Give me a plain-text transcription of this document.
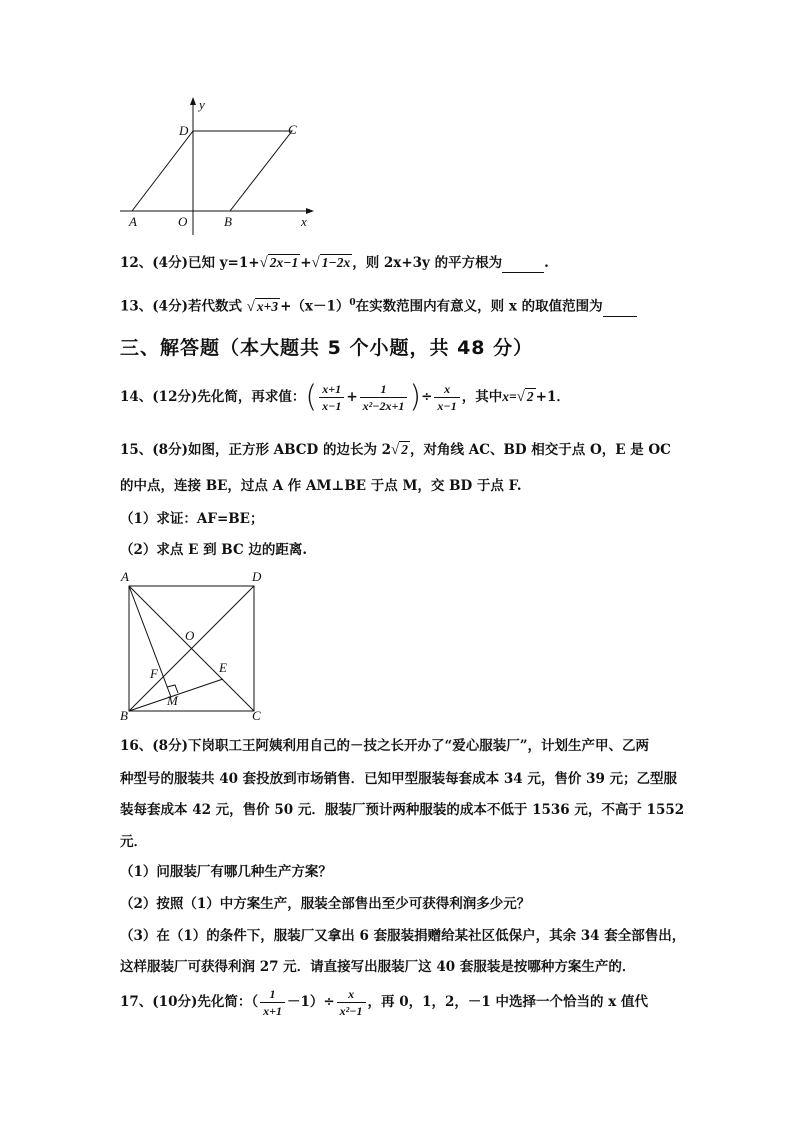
y
D	C
A	O	B	x
12、(4分)已知 y=1+√ 2x−1 +√ 1−2x ，则 2x+3y 的平方根为	.
13、(4分)若代数式 √ $x+3 +(x-1)^0$在实数范围内有意义，则 x 的取值范围为
三、解答题（本大题共 5 个小题，共 48 分）
14、(12分)先化简，再求值：( $\frac{x+1}{x-1} + \frac{1}{\text{x²−2x+1}}$ )÷ $\frac{x}{x-1}$ ，其中x=√ 2 +1．
15、(8分)如图，正方形 ABCD 的边长为 2√ 2 ，对角线 AC、BD 相交于点 O，E 是 OC
的中点，连接 BE，过点 A 作 AM⊥BE 于点 M，交 BD 于点 F.
（1）求证：AF=BE；
（2）求点 E 到 BC 边的距离.
A	D
O
E
F
M
B	C
16、(8分)下岗职工王阿姨利用自己的－技之长开办了“爱心服装厂”，计划生产甲、乙两
种型号的服装共 40 套投放到市场销售．已知甲型服装每套成本 34 元，售价 39 元；乙型服
装每套成本 42 元，售价 50 元．服装厂预计两种服装的成本不低于 1536 元，不高于 1552
元．
（1）问服装厂有哪几种生产方案？
（2）按照（1）中方案生产，服装全部售出至少可获得利润多少元？
（3）在（1）的条件下，服装厂又拿出 6 套服装捐赠给某社区低保户，其余 34 套全部售出，
这样服装厂可获得利润 27 元．请直接写出服装厂这 40 套服装是按哪种方案生产的．
17、(10分)先化简：（ $\frac{1}{x+1} -1)\div \frac{x}{\text{x²−1}}$ ，再 0，1，2，－1 中选择一个恰当的 x 值代
